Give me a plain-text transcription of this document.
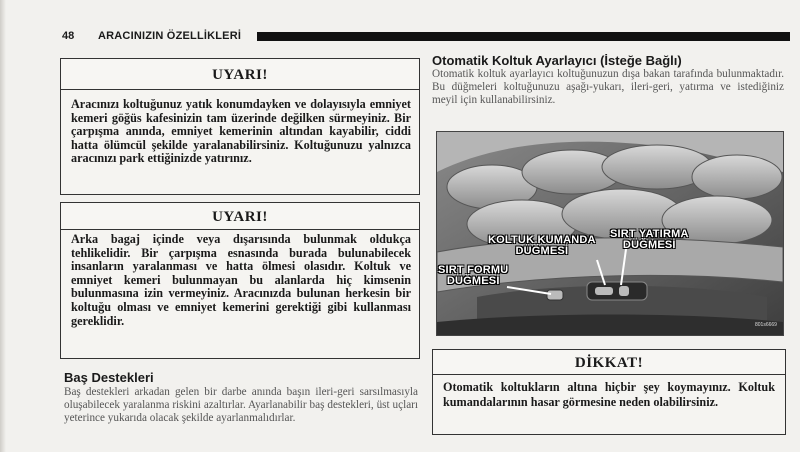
48 ARACINIZIN ÖZELLİKLERİ
UYARI!
Aracınızı koltuğunuz yatık konumdayken ve dolayısıyla emniyet kemeri göğüs kafesinizin tam üzerinde değilken sürmeyiniz. Bir çarpışma anında, emniyet kemerinin altından kayabilir, ciddi hatta ölümcül şekilde yaralanabilirsiniz. Koltuğunuzu yalnızca aracınızı park ettiğinizde yatırınız.
UYARI!
Arka bagaj içinde veya dışarısında bulunmak oldukça tehlikelidir. Bir çarpışma esnasında burada bulunabilecek insanların yaralanması ve hatta ölmesi olasıdır. Koltuk ve emniyet kemeri bulunmayan bu alanlarda hiç kimsenin bulunmasına izin vermeyiniz. Aracınızda bulunan herkesin bir koltuğu olması ve emniyet kemerini gerektiği gibi kullanması gereklidir.
Baş Destekleri
Baş destekleri arkadan gelen bir darbe anında başın ileri-geri sarsılmasıyla oluşabilecek yaralanma riskini azaltırlar. Ayarlanabilir baş destekleri, üst uçları yeterince yukarıda olacak şekilde ayarlanmalıdırlar.
Otomatik Koltuk Ayarlayıcı (İsteğe Bağlı)
Otomatik koltuk ayarlayıcı koltuğunuzun dışa bakan tarafında bulunmaktadır. Bu düğmeleri koltuğunuzu aşağı-yukarı, ileri-geri, yatırma ve istediğiniz meyil için kullanabilirsiniz.
KOLTUK KUMANDA
DÜĞMESİ
SIRT YATIRMA
DÜĞMESİ
SIRT FORMU
DÜĞMESİ
801s6669
DİKKAT!
Otomatik koltukların altına hiçbir şey koymayınız. Koltuk kumandalarının hasar görmesine neden olabilirsiniz.
